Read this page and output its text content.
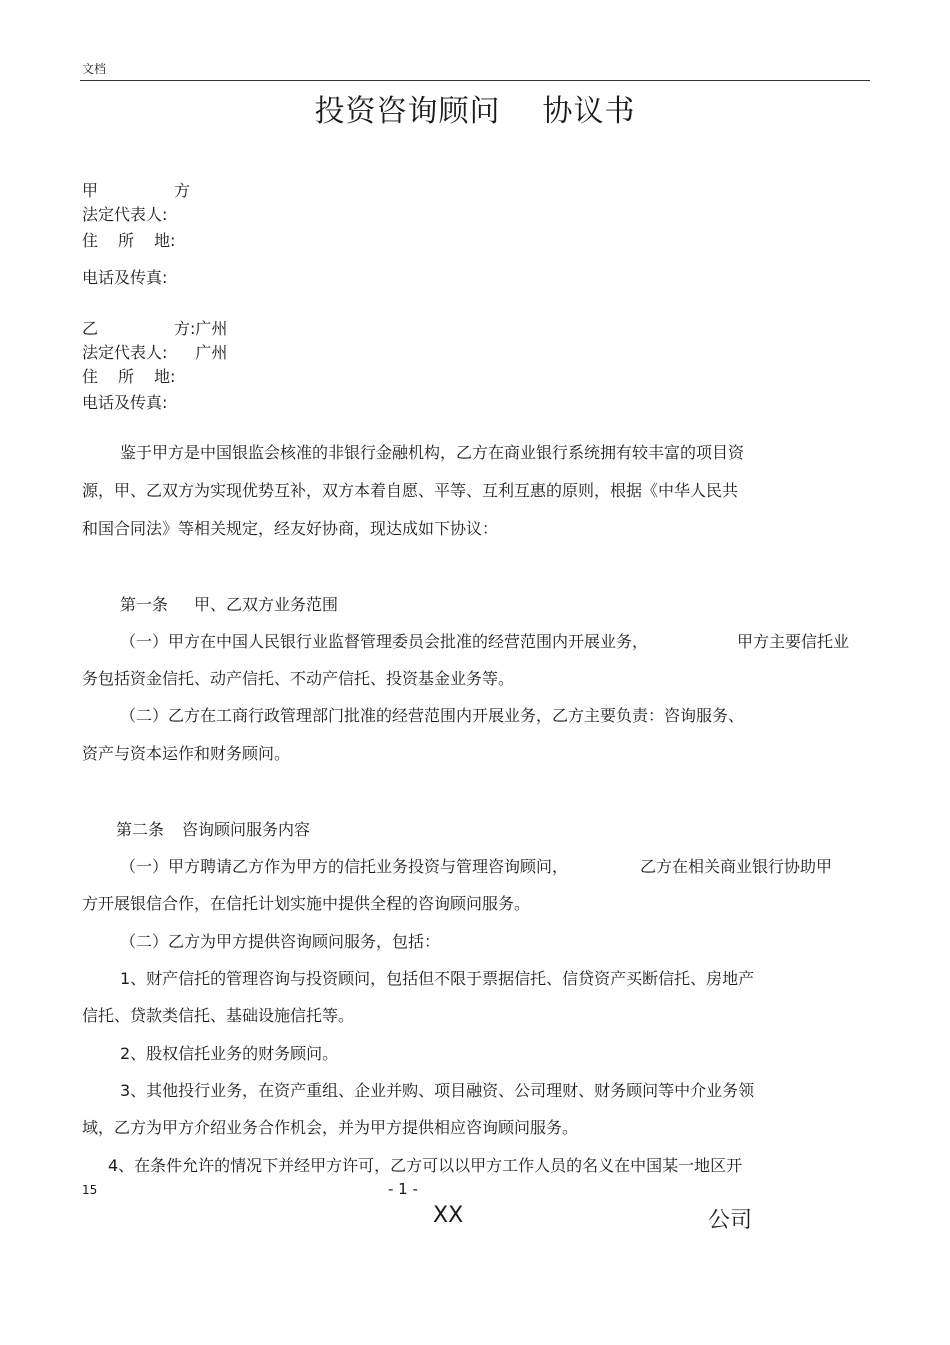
文档
投资咨询顾问 协议书
甲	方
法定代表人:
住 所 地:
电话及传真:
乙	方:广州
法定代表人: 广州
住 所 地:
电话及传真:
鉴于甲方是中国银监会核准的非银行金融机构，乙方在商业银行系统拥有较丰富的项目资
源，甲、乙双方为实现优势互补，双方本着自愿、平等、互利互惠的原则，根据《中华人民共
和国合同法》等相关规定，经友好协商，现达成如下协议：
第一条 甲、乙双方业务范围
（一）甲方在中国人民银行业监督管理委员会批准的经营范围内开展业务，	甲方主要信托业
务包括资金信托、动产信托、不动产信托、投资基金业务等。
（二）乙方在工商行政管理部门批准的经营范围内开展业务，乙方主要负责：咨询服务、
资产与资本运作和财务顾问。
第二条 咨询顾问服务内容
（一）甲方聘请乙方作为甲方的信托业务投资与管理咨询顾问，	乙方在相关商业银行协助甲
方开展银信合作，在信托计划实施中提供全程的咨询顾问服务。
（二）乙方为甲方提供咨询顾问服务，包括：
1、财产信托的管理咨询与投资顾问，包括但不限于票据信托、信贷资产买断信托、房地产
信托、贷款类信托、基础设施信托等。
2、股权信托业务的财务顾问。
3、其他投行业务，在资产重组、企业并购、项目融资、公司理财、财务顾问等中介业务领
域，乙方为甲方介绍业务合作机会，并为甲方提供相应咨询顾问服务。
4、在条件允许的情况下并经甲方许可，乙方可以以甲方工作人员的名义在中国某一地区开
15	- 1 -
XX	公司
